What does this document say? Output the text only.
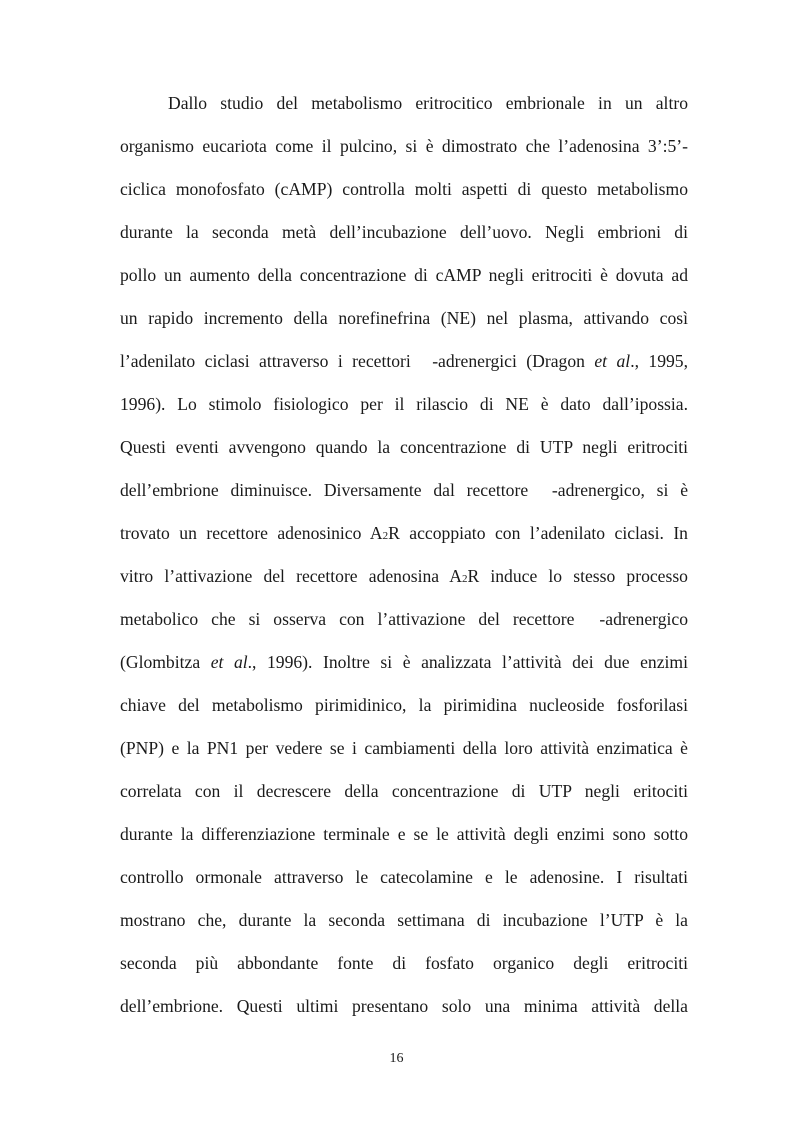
Dallo studio del metabolismo eritrocitico embrionale in un altro
organismo eucariota come il pulcino, si è dimostrato che l’adenosina 3’:5’-
ciclica monofosfato (cAMP) controlla molti aspetti di questo metabolismo
durante la seconda metà dell’incubazione dell’uovo. Negli embrioni di
pollo un aumento della concentrazione di cAMP negli eritrociti è dovuta ad
un rapido incremento della norefinefrina (NE) nel plasma, attivando così
l’adenilato ciclasi attraverso i recettori -adrenergici (Dragon et al., 1995,
1996). Lo stimolo fisiologico per il rilascio di NE è dato dall’ipossia.
Questi eventi avvengono quando la concentrazione di UTP negli eritrociti
dell’embrione diminuisce. Diversamente dal recettore -adrenergico, si è
trovato un recettore adenosinico A2R accoppiato con l’adenilato ciclasi. In
vitro l’attivazione del recettore adenosina A2R induce lo stesso processo
metabolico che si osserva con l’attivazione del recettore -adrenergico
(Glombitza et al., 1996). Inoltre si è analizzata l’attività dei due enzimi
chiave del metabolismo pirimidinico, la pirimidina nucleoside fosforilasi
(PNP) e la PN1 per vedere se i cambiamenti della loro attività enzimatica è
correlata con il decrescere della concentrazione di UTP negli eritociti
durante la differenziazione terminale e se le attività degli enzimi sono sotto
controllo ormonale attraverso le catecolamine e le adenosine. I risultati
mostrano che, durante la seconda settimana di incubazione l’UTP è la
seconda più abbondante fonte di fosfato organico degli eritrociti
dell’embrione. Questi ultimi presentano solo una minima attività della
16
